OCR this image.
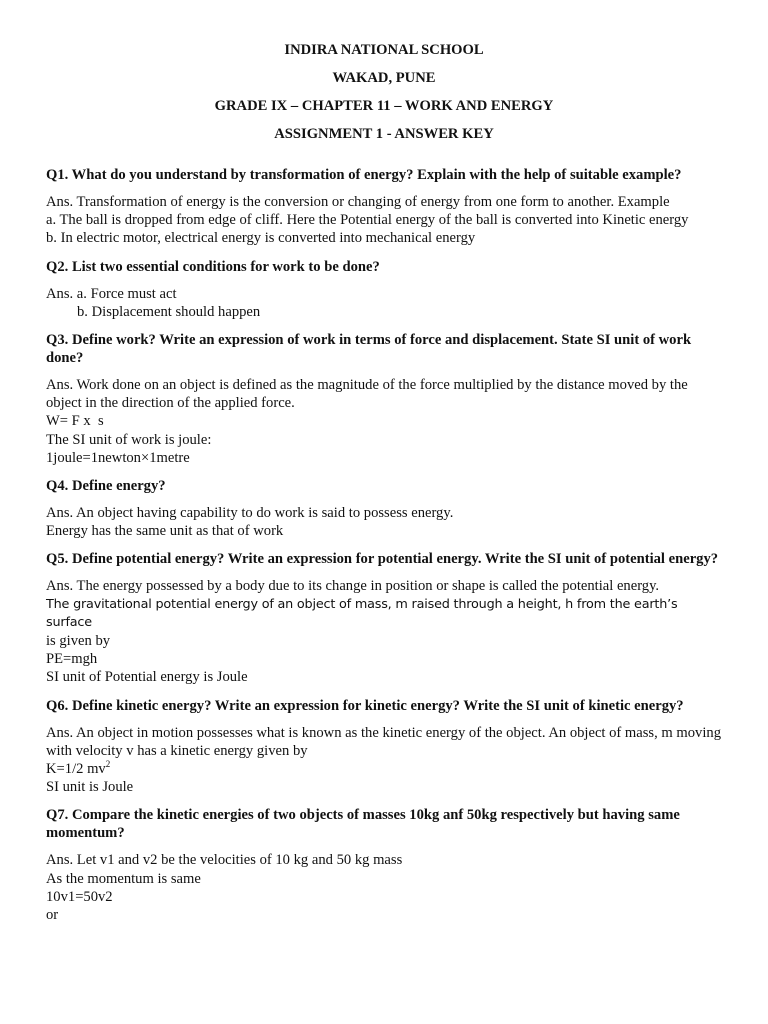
INDIRA NATIONAL SCHOOL
WAKAD, PUNE
GRADE IX – CHAPTER 11 – WORK AND ENERGY
ASSIGNMENT 1 - ANSWER KEY
Q1. What do you understand by transformation of energy? Explain with the help of suitable example?
Ans. Transformation of energy is the conversion or changing of energy from one form to another. Example
a. The ball is dropped from edge of cliff. Here the Potential energy of the ball is converted into Kinetic energy
b. In electric motor, electrical energy is converted into mechanical energy
Q2. List two essential conditions for work to be done?
Ans. a. Force must act
b. Displacement should happen
Q3. Define work? Write an expression of work in terms of force and displacement. State SI unit of work done?
Ans. Work done on an object is defined as the magnitude of the force multiplied by the distance moved by the object in the direction of the applied force.
W= F x  s
The SI unit of work is joule:
1joule=1newton×1metre
Q4. Define energy?
Ans. An object having capability to do work is said to possess energy.
Energy has the same unit as that of work
Q5. Define potential energy? Write an expression for potential energy. Write the SI unit of potential energy?
Ans. The energy possessed by a body due to its change in position or shape is called the potential energy.
The gravitational potential energy of an object of mass, m raised through a height, h from the earth’s surface
is given by
PE=mgh
SI unit of Potential energy is Joule
Q6. Define kinetic energy? Write an expression for kinetic energy? Write the SI unit of kinetic energy?
Ans. An object in motion possesses what is known as the kinetic energy of the object. An object of mass, m moving with velocity v has a kinetic energy given by
K=1/2 $mv^2$
SI unit is Joule
Q7. Compare the kinetic energies of two objects of masses 10kg anf 50kg respectively but having same momentum?
Ans. Let v1 and v2 be the velocities of 10 kg and 50 kg mass
As the momentum is same
10v1=50v2
or
